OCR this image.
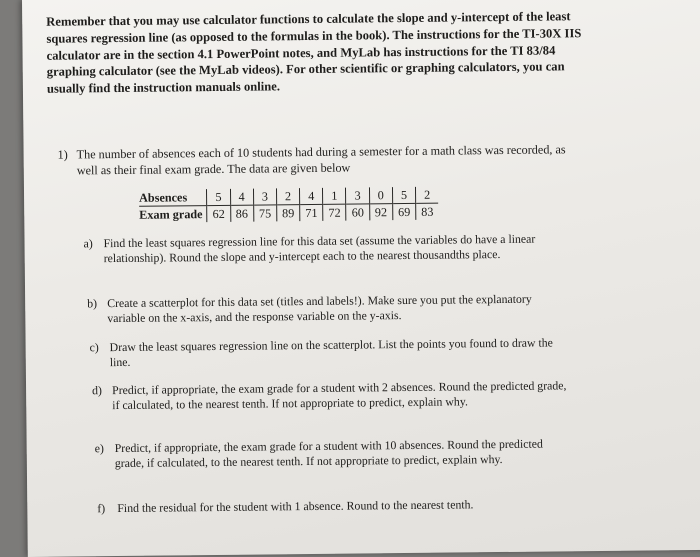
Remember that you may use calculator functions to calculate the slope and y-intercept of the least squares regression line (as opposed to the formulas in the book). The instructions for the TI-30X IIS calculator are in the section 4.1 PowerPoint notes, and MyLab has instructions for the TI 83/84 graphing calculator (see the MyLab videos). For other scientific or graphing calculators, you can usually find the instruction manuals online.
1) The number of absences each of 10 students had during a semester for a math class was recorded, as well as their final exam grade. The data are given below
Absences	5	4	3	2	4	1	3	0	5	2
Exam grade	62	86	75	89	71	72	60	92	69	83
a) Find the least squares regression line for this data set (assume the variables do have a linear relationship). Round the slope and y-intercept each to the nearest thousandths place.
b) Create a scatterplot for this data set (titles and labels!). Make sure you put the explanatory variable on the x-axis, and the response variable on the y-axis.
c) Draw the least squares regression line on the scatterplot. List the points you found to draw the line.
d) Predict, if appropriate, the exam grade for a student with 2 absences. Round the predicted grade, if calculated, to the nearest tenth. If not appropriate to predict, explain why.
e) Predict, if appropriate, the exam grade for a student with 10 absences. Round the predicted grade, if calculated, to the nearest tenth. If not appropriate to predict, explain why.
f) Find the residual for the student with 1 absence. Round to the nearest tenth.
